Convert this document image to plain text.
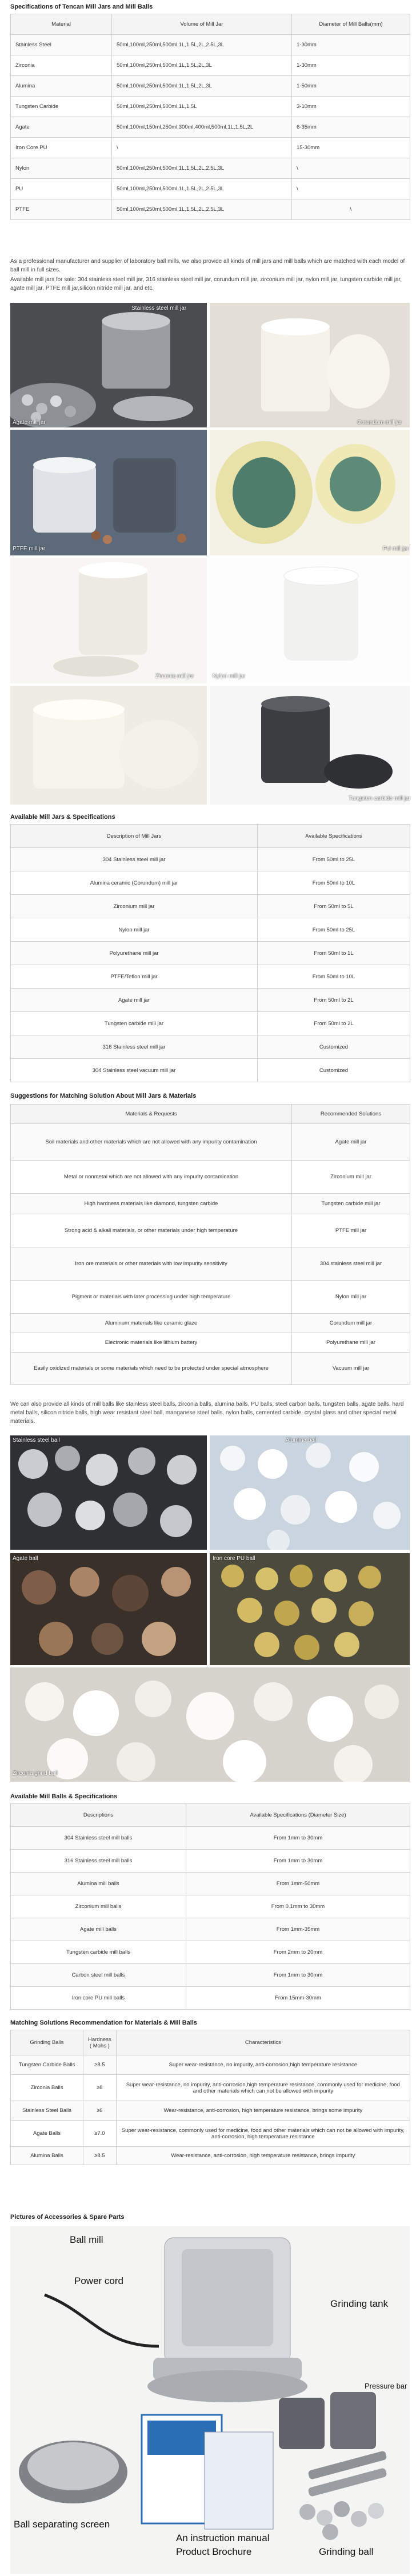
Specifications of Tencan Mill Jars and Mill Balls
Material	Volume of Mill Jar	Diameter of Mill Balls(mm)
Stainless Steel	50ml,100ml,250ml,500ml,1L,1.5L,2L,2.5L,3L	1-30mm
Zirconia	50ml,100ml,250ml,500ml,1L,1.5L,2L,3L	1-30mm
Alumina	50ml,100ml,250ml,500ml,1L,1.5L,2L,3L	1-50mm
Tungsten Carbide	50ml,100ml,250ml,500ml,1L,1.5L	3-10mm
Agate	50ml,100ml,150ml,250ml,300ml,400ml,500ml,1L,1.5L,2L	6-35mm
Iron Core PU	\	15-30mm
Nylon	50ml,100ml,250ml,500ml,1L,1.5L,2L,2.5L,3L	\
PU	50ml,100ml,250ml,500ml,1L,1.5L,2L,2.5L,3L	\
PTFE	50ml,100ml,250ml,500ml,1L,1.5L,2L,2.5L,3L	\

As a professional manufacturer and supplier of laboratory ball mills, we also provide all kinds of mill jars and mill balls which are matched with each model of ball mill in full sizes.

Available mill jars for sale: 304 stainless steel mill jar, 316 stainless steel mill jar, corundum mill jar, zirconium mill jar, nylon mill jar, tungsten carbide mill jar, agate mill jar, PTFE mill jar,silicon nitride mill jar, and etc.

Stainless steel mill jar
Agate mill jar	Corundum mill jar
PTFE mill jar	PU mill jar
Zirconia mill jar	Nylon mill jar
Tungsten carbide mill jar
Available Mill Jars & Specifications
Description of Mill Jars	Available Specifications
304 Stainless steel mill jar	From 50ml to 25L
Alumina ceramic (Corundum) mill jar	From 50ml to 10L
Zirconium mill jar	From 50ml to 5L
Nylon mill jar	From 50ml to 25L
Polyurethane mill jar	From 50ml to 1L
PTFE/Teflon mill jar	From 50ml to 10L
Agate mill jar	From 50ml to 2L
Tungsten carbide mill jar	From 50ml to 2L
316 Stainless steel mill jar	Customized
304 Stainless steel vacuum mill jar	Customized
Suggestions for Matching Solution About Mill Jars & Materials
Materials & Requests	Recommended Solutions
Soil materials and other materials which are not allowed with any impurity contamination	Agate mill jar
Metal or nonmetal which are not allowed with any impurity contamination	Zirconium mill jar
High hardness materials like diamond, tungsten carbide	Tungsten carbide mill jar
Strong acid & alkali materials, or other materials under high temperature	PTFE mill jar
Iron ore materials or other materials with low impurity sensitivity	304 stainless steel mill jar
Pigment or materials with later processing under high temperature	Nylon mill jar
Aluminum materials like ceramic glaze	Corundum mill jar
Electronic materials like lithium battery	Polyurethane mill jar
Easily oxidized materials or some materials which need to be protected under special atmosphere	Vacuum mill jar

We can also provide all kinds of mill balls like stainless steel balls, zirconia balls, alumina balls, PU balls, steel carbon balls, tungsten balls, agate balls, hard metal balls, silicon nitride balls, high wear resistant steel ball, manganese steel balls, nylon balls, cemented carbide, crystal glass and other special metal materials.

Stainless steel ball	Alumina ball
Agate ball	Iron core PU ball
Zirconia grind ball
Available Mill Balls & Specifications
Descriptions	Available Specifications (Diameter Size)
304 Stainless steel mill balls	From 1mm to 30mm
316 Stainless steel mill balls	From 1mm to 30mm
Alumina mill balls	From 1mm-50mm
Zirconium mill balls	From 0.1mm to 30mm
Agate mill balls	From 1mm-35mm
Tungsten carbide mill balls	From 2mm to 20mm
Carbon steel mill balls	From 1mm to 30mm
Iron core PU mill balls	From 15mm-30mm
Matching Solutions Recommendation for Materials & Mill Balls
Grinding Balls	Hardness ( Mohs )	Characteristics
Tungsten Carbide Balls	≥8.5	Super wear-resistance, no impurity, anti-corrosion,high temperature resistance
Zirconia Balls	≥8	Super wear-resistance, no impurity, anti-corrosion,high temperature resistance, commonly used for medicine, food and other materials which can not be allowed with impurity
Stainless Steel Balls	≥6	Wear-resistance, anti-corrosion, high temperature resistance, brings some impurity
Agate Balls	≥7.0	Super wear-resistance, commonly used for medicine, food and other materials which can not be allowed with impurity, anti-corrosion, high temperature resistance
Alumina Balls	≥8.5	Wear-resistance, anti-corrosion, high temperature resistance, brings impurity
Pictures of Accessories & Spare Parts
Ball mill
Power cord
Grinding tank
Pressure bar
Ball separating screen
An instruction manual
Product Brochure	Grinding ball
